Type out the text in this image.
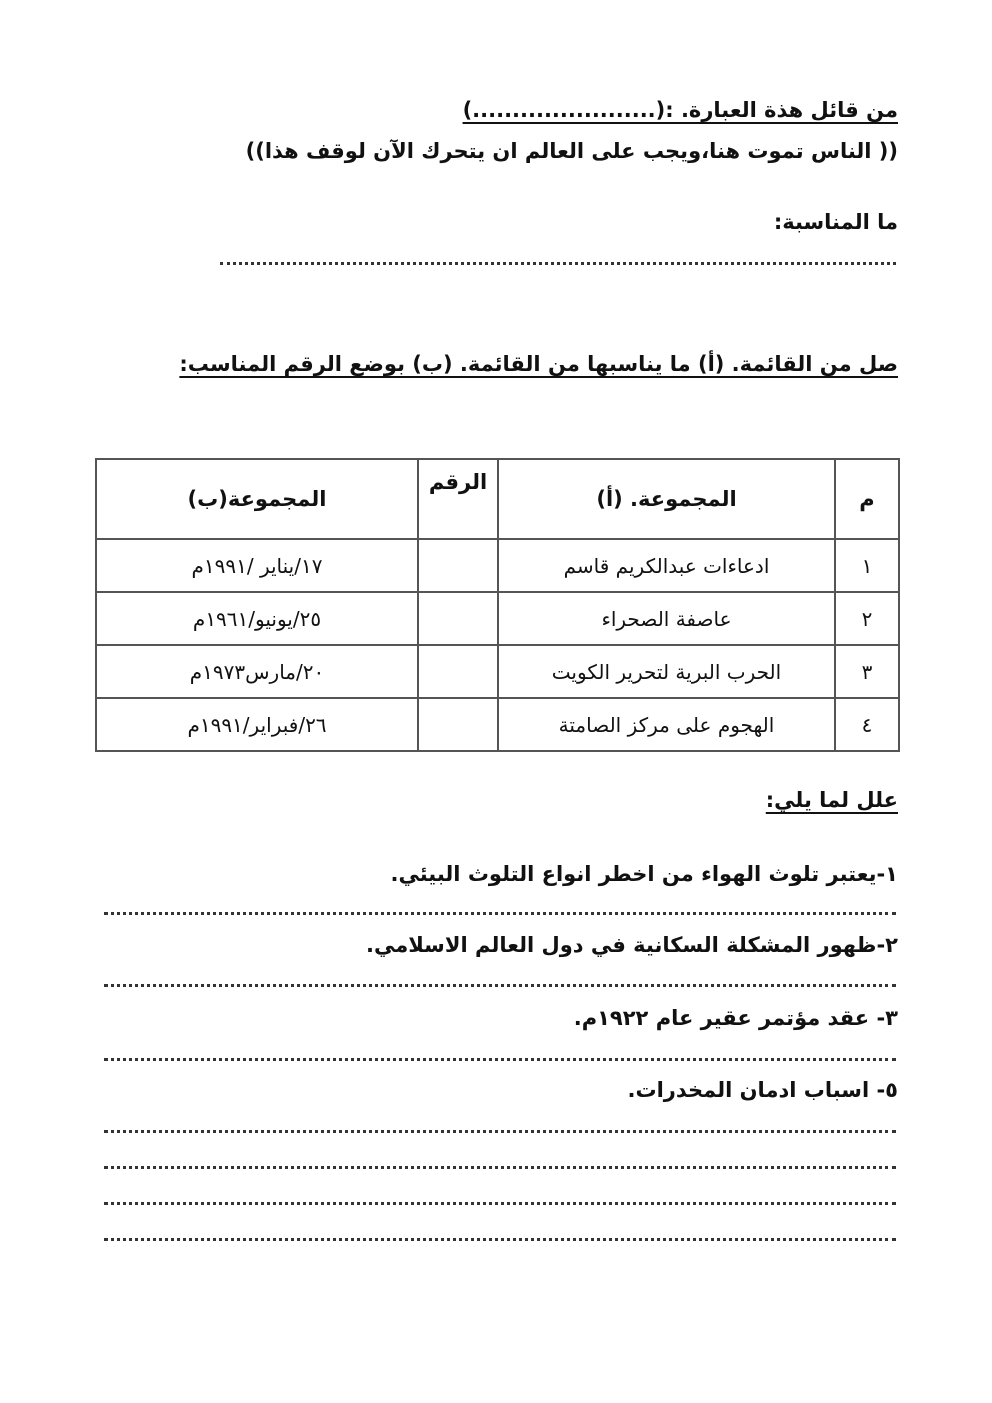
من قائل هذة العبارة. :(.......................)
(( الناس تموت هنا،ويجب على العالم ان يتحرك الآن لوقف هذا))
ما المناسبة:
صل من القائمة. (أ) ما يناسبها من القائمة. (ب) بوضع الرقم المناسب:
م	المجموعة. (أ)	الرقم	المجموعة(ب)
١	ادعاءات عبدالكريم قاسم		١٧/يناير /١٩٩١م
٢	عاصفة الصحراء		٢٥/يونيو/١٩٦١م
٣	الحرب البرية لتحرير الكويت		٢٠/مارس١٩٧٣م
٤	الهجوم على مركز الصامتة		٢٦/فبراير/١٩٩١م
علل لما يلي:
١-يعتبر تلوث الهواء من اخطر انواع التلوث البيئي.
٢-ظهور المشكلة السكانية في دول العالم الاسلامي.
٣- عقد مؤتمر عقير عام ١٩٢٢م.
٥- اسباب ادمان المخدرات.
